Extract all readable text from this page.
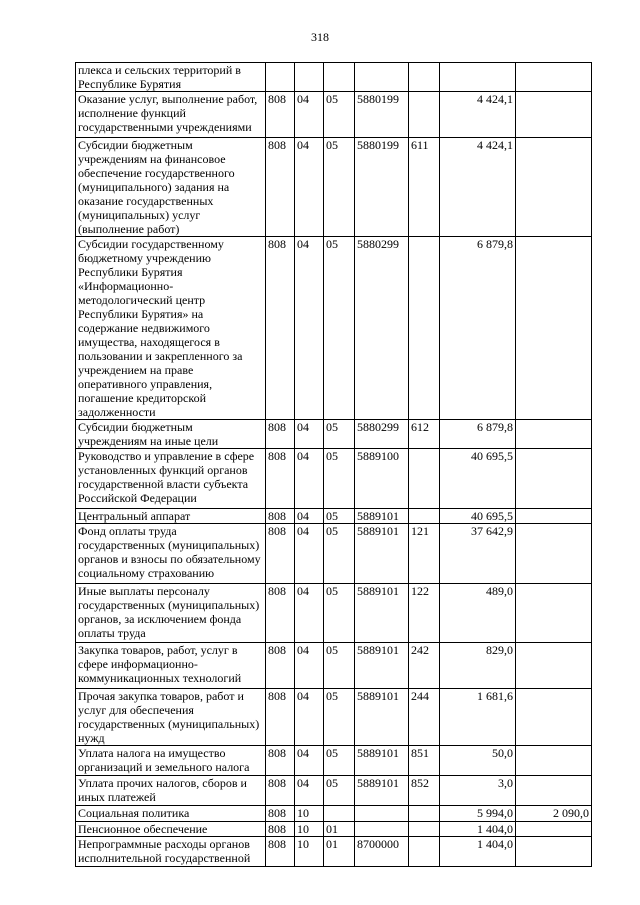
318
плекса и сельских территорий в Республике Бурятия							
Оказание услуг, выполнение работ, исполнение функций государственными учреждениями	808	04	05	5880199		4 424,1	
Субсидии бюджетным учреждениям на финансовое обеспечение государственного (муниципального) задания на оказание государственных (муниципальных) услуг (выполнение работ)	808	04	05	5880199	611	4 424,1	
Субсидии государственному бюджетному учреждению Республики Бурятия «Информационно-методологический центр Республики Бурятия» на содержание недвижимого имущества, находящегося в пользовании и закрепленного за учреждением на праве оперативного управления, погашение кредиторской задолженности	808	04	05	5880299		6 879,8	
Субсидии бюджетным учреждениям на иные цели	808	04	05	5880299	612	6 879,8	
Руководство и управление в сфере установленных функций органов государственной власти субъекта Российской Федерации	808	04	05	5889100		40 695,5	
Центральный аппарат	808	04	05	5889101		40 695,5	
Фонд оплаты труда государственных (муниципальных) органов и взносы по обязательному социальному страхованию	808	04	05	5889101	121	37 642,9	
Иные выплаты персоналу государственных (муниципальных) органов, за исключением фонда оплаты труда	808	04	05	5889101	122	489,0	
Закупка товаров, работ, услуг в сфере информационно-коммуникационных технологий	808	04	05	5889101	242	829,0	
Прочая закупка товаров, работ и услуг для обеспечения государственных (муниципальных) нужд	808	04	05	5889101	244	1 681,6	
Уплата налога на имущество организаций и земельного налога	808	04	05	5889101	851	50,0	
Уплата прочих налогов, сборов и иных платежей	808	04	05	5889101	852	3,0	
Социальная политика	808	10				5 994,0	2 090,0
Пенсионное обеспечение	808	10	01			1 404,0	
Непрограммные расходы органов исполнительной государственной	808	10	01	8700000		1 404,0	
